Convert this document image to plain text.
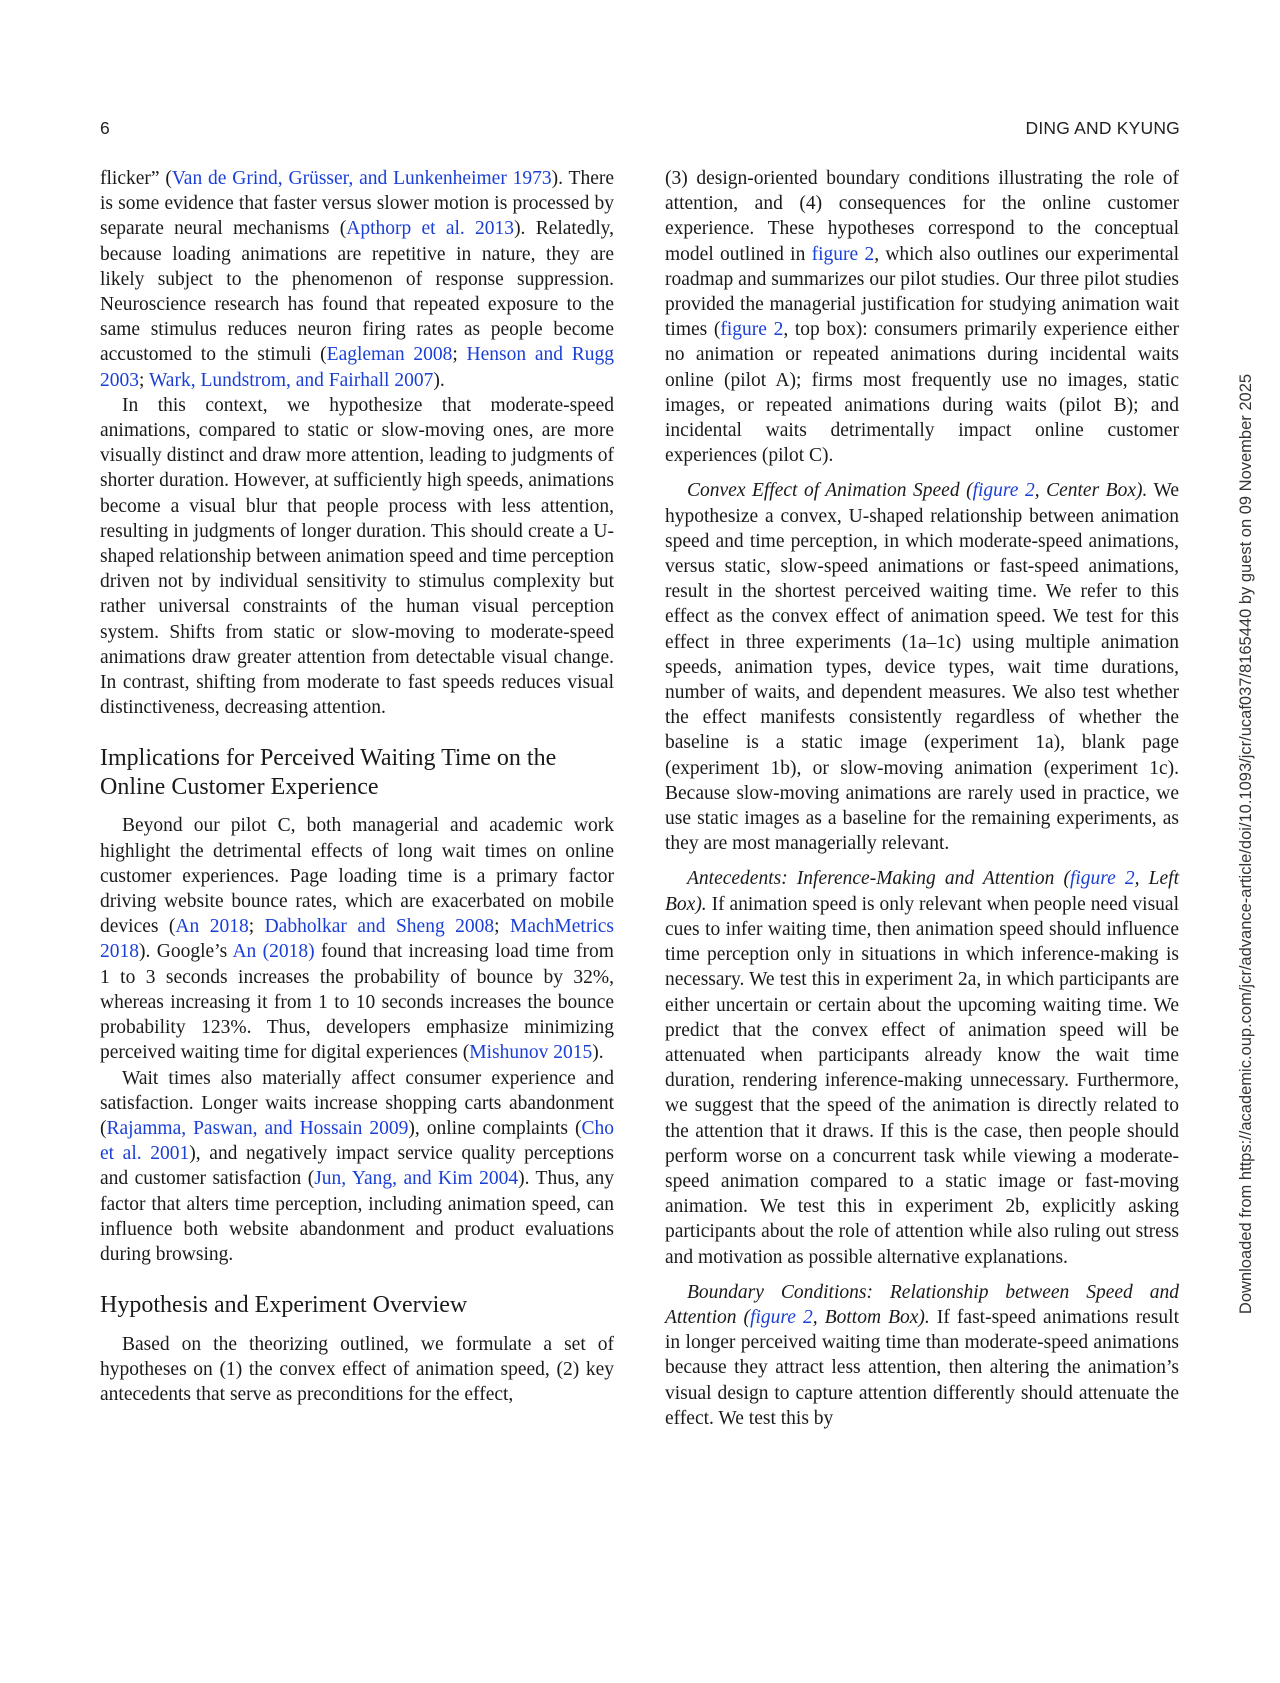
6	DING AND KYUNG

flicker” (Van de Grind, Grüsser, and Lunkenheimer 1973). There is some evidence that faster versus slower motion is processed by separate neural mechanisms (Apthorp et al. 2013). Relatedly, because loading animations are repetitive in nature, they are likely subject to the phenomenon of response suppression. Neuroscience research has found that repeated exposure to the same stimulus reduces neuron firing rates as people become accustomed to the stimuli (Eagleman 2008; Henson and Rugg 2003; Wark, Lundstrom, and Fairhall 2007).

In this context, we hypothesize that moderate-speed animations, compared to static or slow-moving ones, are more visually distinct and draw more attention, leading to judgments of shorter duration. However, at sufficiently high speeds, animations become a visual blur that people process with less attention, resulting in judgments of longer duration. This should create a U-shaped relationship between animation speed and time perception driven not by individual sensitivity to stimulus complexity but rather universal constraints of the human visual perception system. Shifts from static or slow-moving to moderate-speed animations draw greater attention from detectable visual change. In contrast, shifting from moderate to fast speeds reduces visual distinctiveness, decreasing attention.

Implications for Perceived Waiting Time on the Online Customer Experience

Beyond our pilot C, both managerial and academic work highlight the detrimental effects of long wait times on online customer experiences. Page loading time is a primary factor driving website bounce rates, which are exacerbated on mobile devices (An 2018; Dabholkar and Sheng 2008; MachMetrics 2018). Google’s An (2018) found that increasing load time from 1 to 3 seconds increases the probability of bounce by 32%, whereas increasing it from 1 to 10 seconds increases the bounce probability 123%. Thus, developers emphasize minimizing perceived waiting time for digital experiences (Mishunov 2015).

Wait times also materially affect consumer experience and satisfaction. Longer waits increase shopping carts abandonment (Rajamma, Paswan, and Hossain 2009), online complaints (Cho et al. 2001), and negatively impact service quality perceptions and customer satisfaction (Jun, Yang, and Kim 2004). Thus, any factor that alters time perception, including animation speed, can influence both website abandonment and product evaluations during browsing.

Hypothesis and Experiment Overview

Based on the theorizing outlined, we formulate a set of hypotheses on (1) the convex effect of animation speed, (2) key antecedents that serve as preconditions for the effect,

(3) design-oriented boundary conditions illustrating the role of attention, and (4) consequences for the online customer experience. These hypotheses correspond to the conceptual model outlined in figure 2, which also outlines our experimental roadmap and summarizes our pilot studies. Our three pilot studies provided the managerial justification for studying animation wait times (figure 2, top box): consumers primarily experience either no animation or repeated animations during incidental waits online (pilot A); firms most frequently use no images, static images, or repeated animations during waits (pilot B); and incidental waits detrimentally impact online customer experiences (pilot C).

Convex Effect of Animation Speed (figure 2, Center Box). We hypothesize a convex, U-shaped relationship between animation speed and time perception, in which moderate-speed animations, versus static, slow-speed animations or fast-speed animations, result in the shortest perceived waiting time. We refer to this effect as the convex effect of animation speed. We test for this effect in three experiments (1a–1c) using multiple animation speeds, animation types, device types, wait time durations, number of waits, and dependent measures. We also test whether the effect manifests consistently regardless of whether the baseline is a static image (experiment 1a), blank page (experiment 1b), or slow-moving animation (experiment 1c). Because slow-moving animations are rarely used in practice, we use static images as a baseline for the remaining experiments, as they are most managerially relevant.

Antecedents: Inference-Making and Attention (figure 2, Left Box). If animation speed is only relevant when people need visual cues to infer waiting time, then animation speed should influence time perception only in situations in which inference-making is necessary. We test this in experiment 2a, in which participants are either uncertain or certain about the upcoming waiting time. We predict that the convex effect of animation speed will be attenuated when participants already know the wait time duration, rendering inference-making unnecessary. Furthermore, we suggest that the speed of the animation is directly related to the attention that it draws. If this is the case, then people should perform worse on a concurrent task while viewing a moderate-speed animation compared to a static image or fast-moving animation. We test this in experiment 2b, explicitly asking participants about the role of attention while also ruling out stress and motivation as possible alternative explanations.

Boundary Conditions: Relationship between Speed and Attention (figure 2, Bottom Box). If fast-speed animations result in longer perceived waiting time than moderate-speed animations because they attract less attention, then altering the animation’s visual design to capture attention differently should attenuate the effect. We test this by

Downloaded from https://academic.oup.com/jcr/advance-article/doi/10.1093/jcr/ucaf037/8165440 by guest on 09 November 2025
